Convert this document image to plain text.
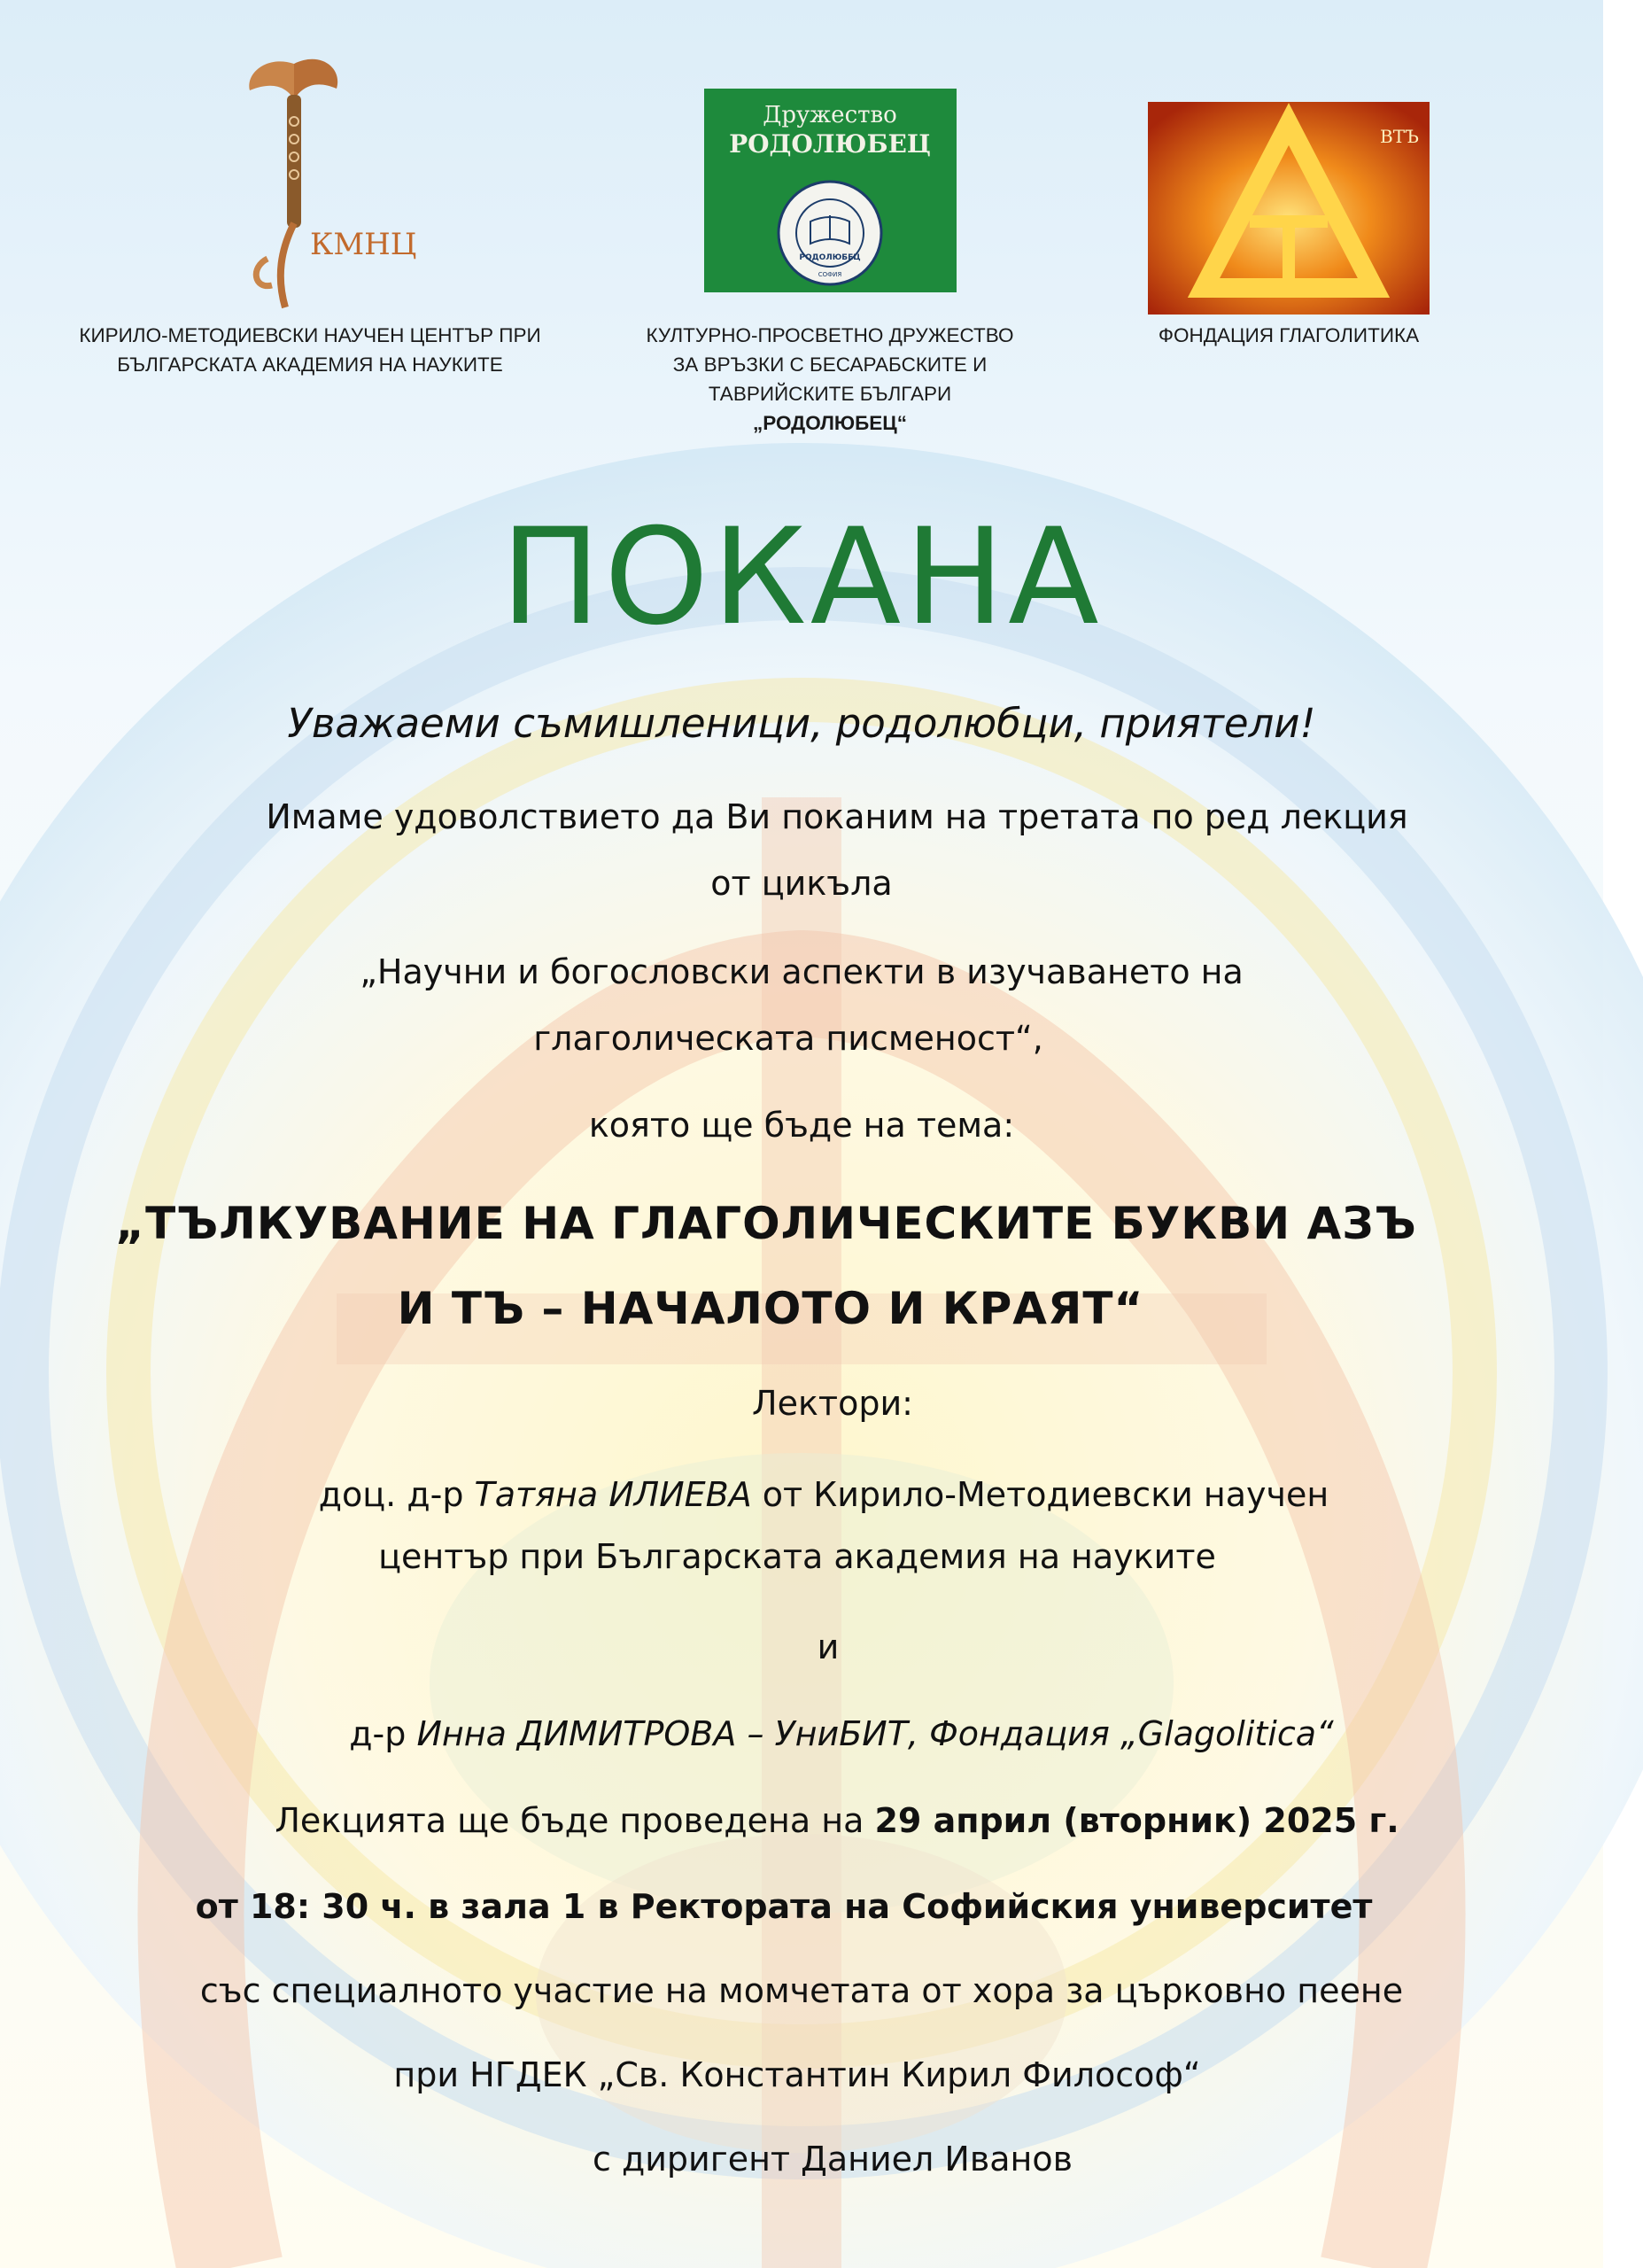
КМНЦ
КИРИЛО-МЕТОДИЕВСКИ НАУЧЕН ЦЕНТЪР ПРИ
БЪЛГАРСКАТА АКАДЕМИЯ НА НАУКИТЕ
Дружество
РОДОЛЮБЕЦ
РОДОЛЮБЕЦ
СОФИЯ
КУЛТУРНО-ПРОСВЕТНО ДРУЖЕСТВО
ЗА ВРЪЗКИ С БЕСАРАБСКИТЕ И
ТАВРИЙСКИТЕ БЪЛГАРИ
„РОДОЛЮБЕЦ“
ВТЪ
ФОНДАЦИЯ ГЛАГОЛИТИКА
ПОКАНА
Уважаеми съмишленици, родолюбци, приятели!
Имаме удоволствието да Ви поканим на третата по ред лекция
от цикъла
„Научни и богословски аспекти в изучаването на
глаголическата писменост“,
която ще бъде на тема:
„ТЪЛКУВАНИЕ НА ГЛАГОЛИЧЕСКИТЕ БУКВИ АЗЪ
И ТЪ – НАЧАЛОТО И КРАЯТ“
Лектори:
доц. д-р Татяна ИЛИЕВА от Кирило-Методиевски научен
център при Българската академия на науките
и
д-р Инна ДИМИТРОВА – УниБИТ, Фондация „Glagolitica“
Лекцията ще бъде проведена на 29 април (вторник) 2025 г.
от 18: 30 ч. в зала 1 в Ректората на Софийския университет
със специалното участие на момчетата от хора за църковно пеене
при НГДЕК „Св. Константин Кирил Философ“
с диригент Даниел Иванов
